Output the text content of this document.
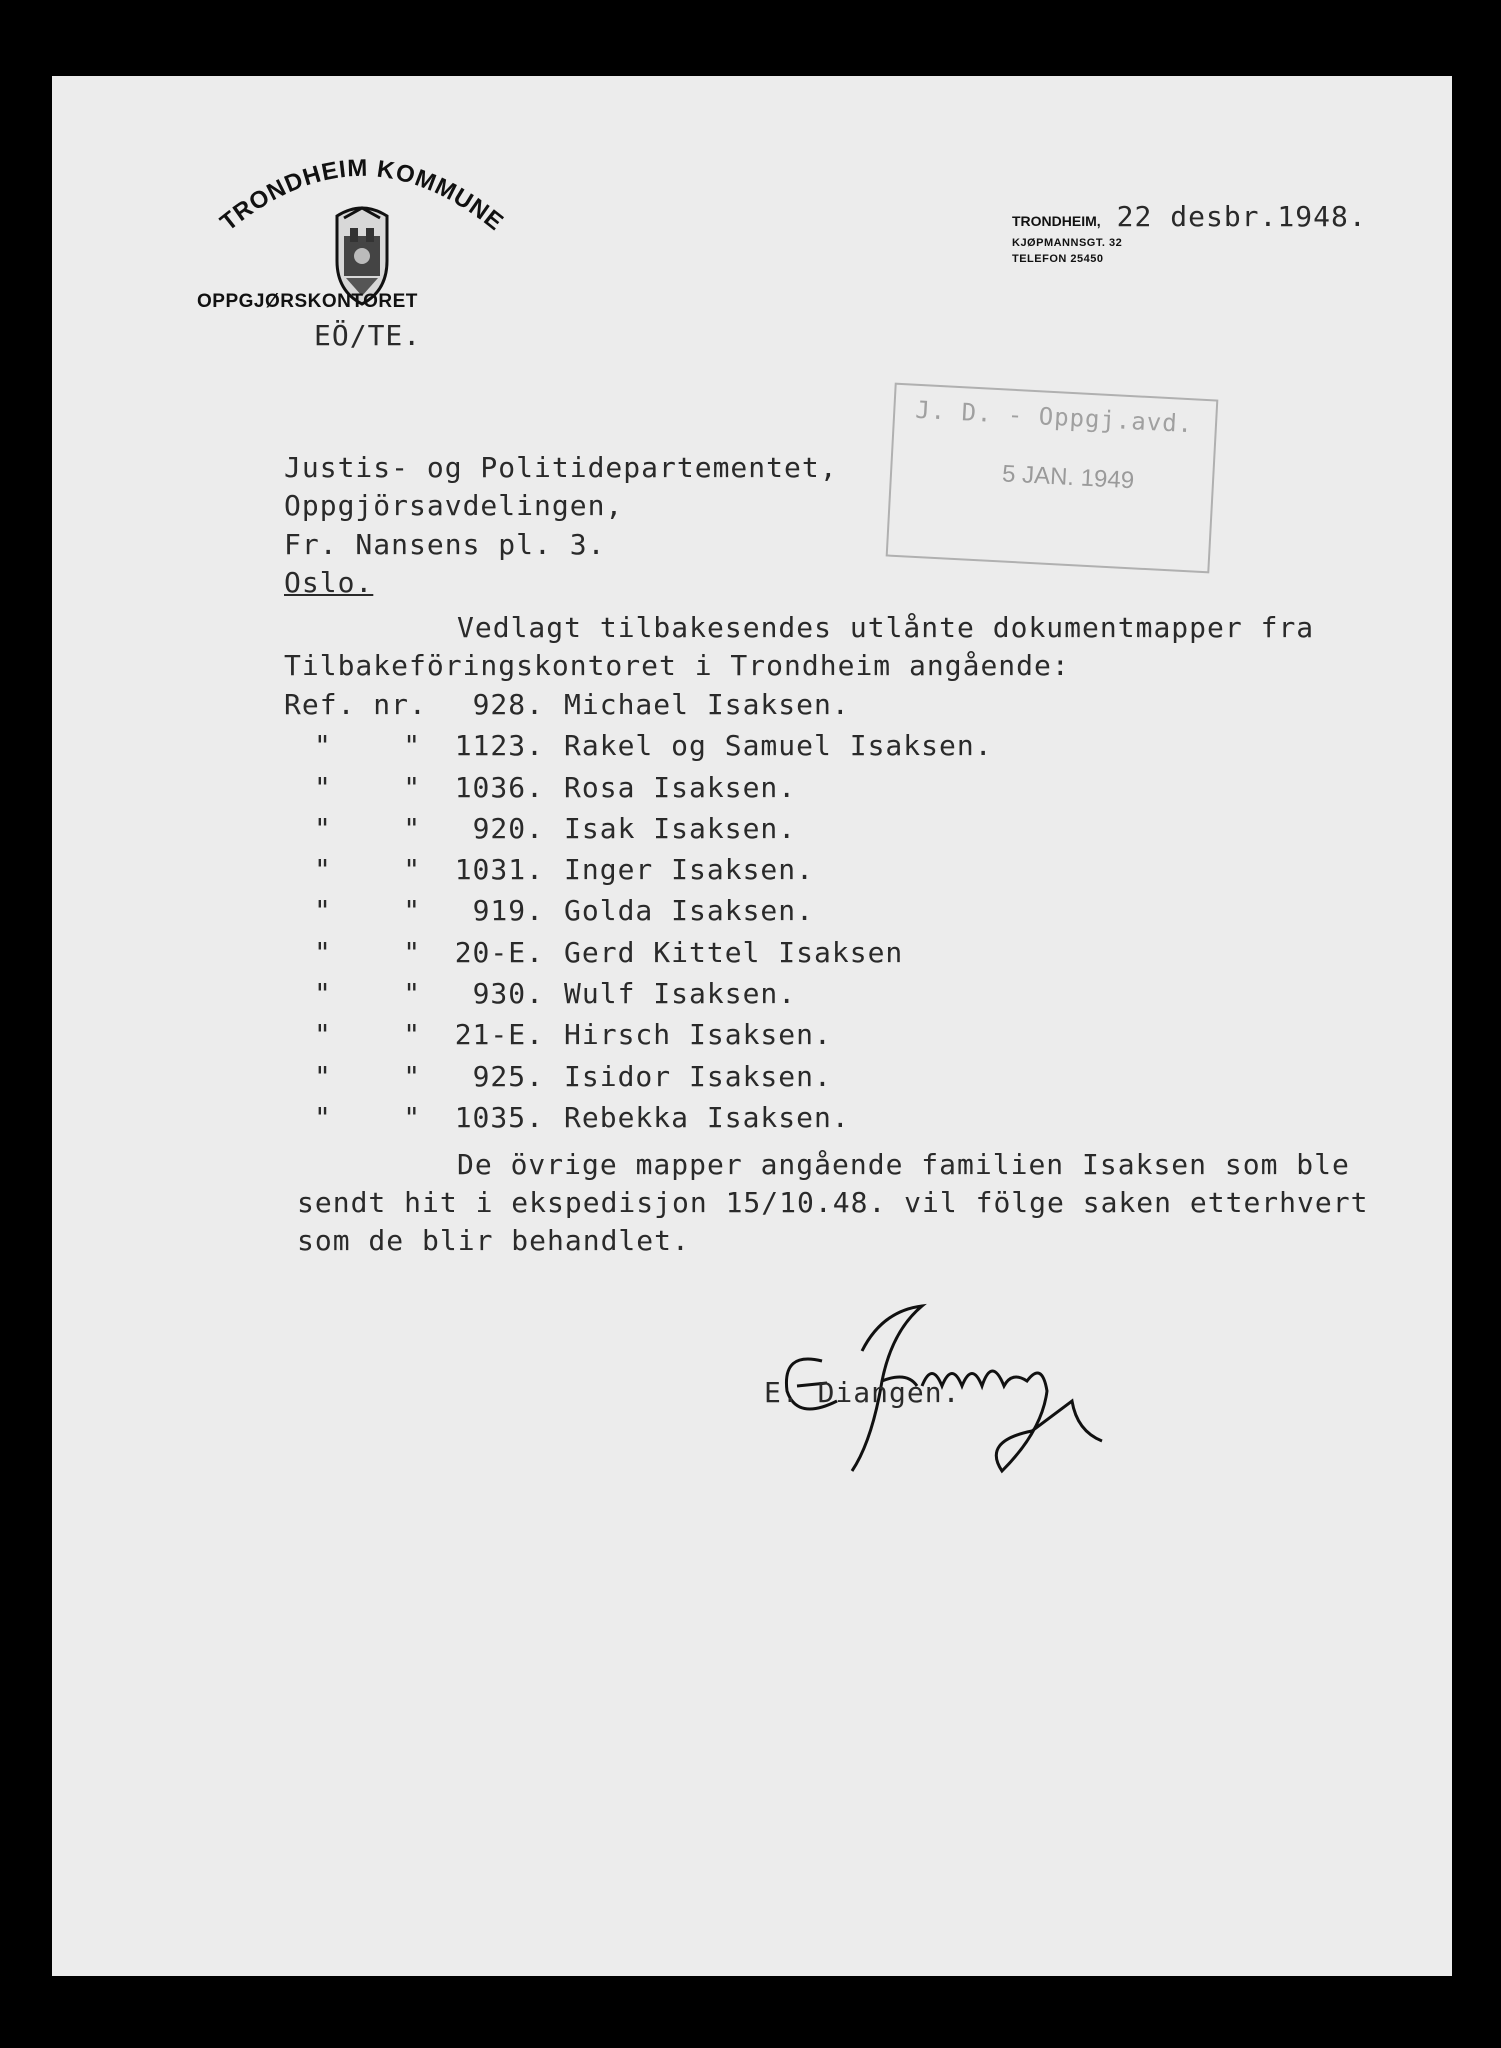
TRONDHEIM KOMMUNE
OPPGJØRSKONTORET
EÖ/TE.
TRONDHEIM, 22 desbr.1948.
KJØPMANNSGT. 32
TELEFON 25450
J. D. - Oppgj.avd.
5 JAN. 1949
Justis- og Politidepartementet,
Oppgjörsavdelingen,
Fr. Nansens pl. 3.
Oslo.
Vedlagt tilbakesendes utlånte dokumentmapper fra
Tilbakeföringskontoret i Trondheim angående:
Ref. nr.	928. Michael Isaksen.
"    "	1123. Rakel og Samuel Isaksen.
"    "	1036. Rosa Isaksen.
"    "	920. Isak Isaksen.
"    "	1031. Inger Isaksen.
"    "	919. Golda Isaksen.
"    "	20-E. Gerd Kittel Isaksen
"    "	930. Wulf Isaksen.
"    "	21-E. Hirsch Isaksen.
"    "	925. Isidor Isaksen.
"    "	1035. Rebekka Isaksen.
De övrige mapper angående familien Isaksen som ble
sendt hit i ekspedisjon 15/10.48. vil fölge saken etterhvert
som de blir behandlet.
E. Diangen.
